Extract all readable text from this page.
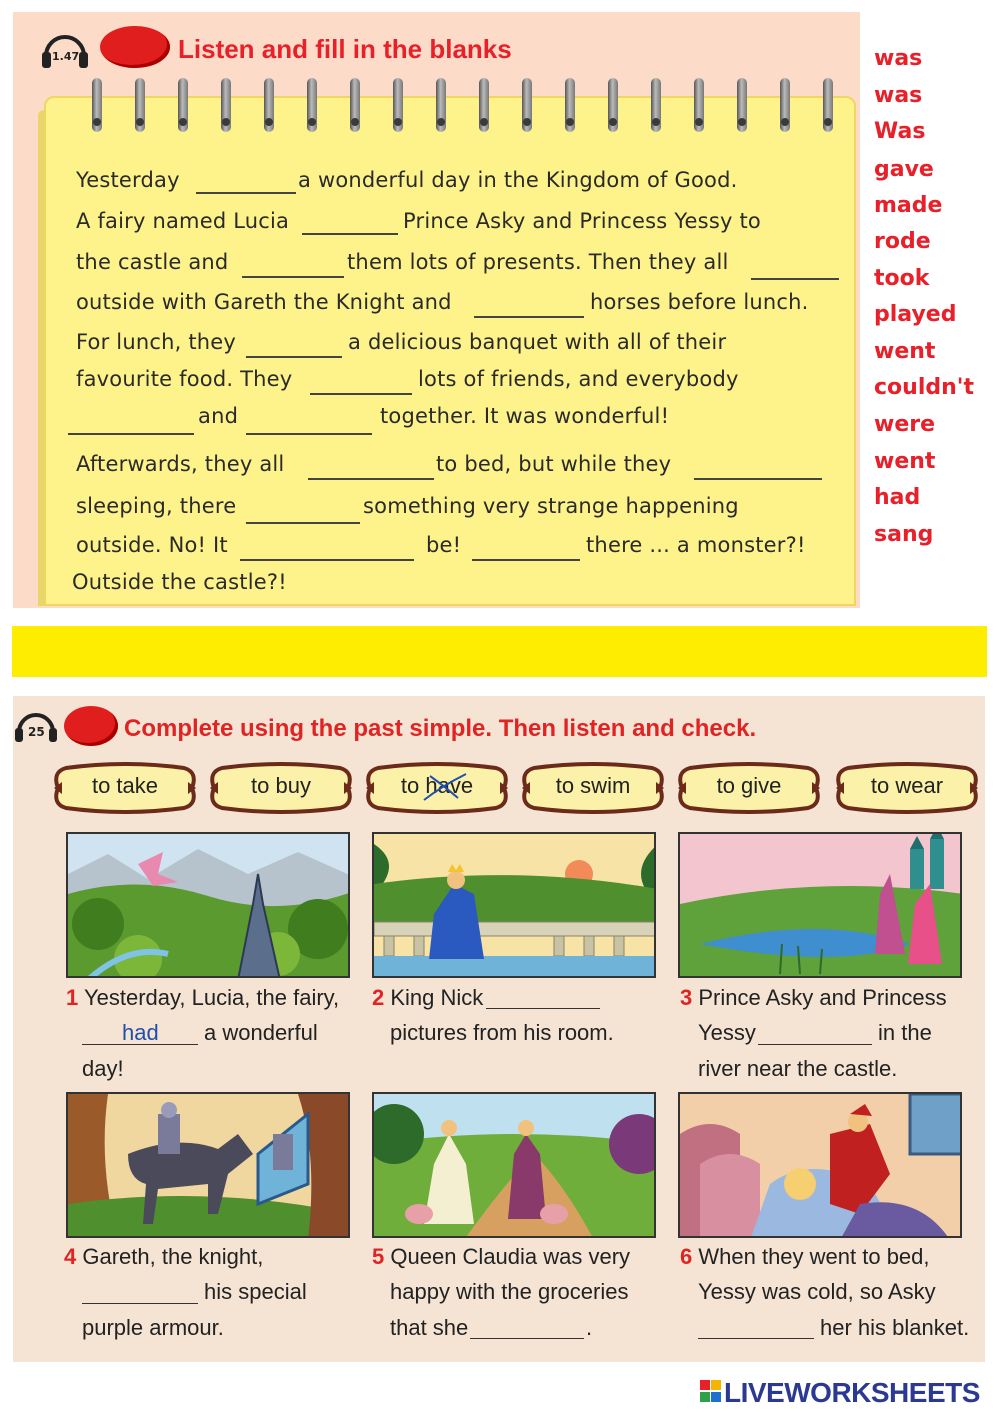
1.47	Listen and fill in the blanks
Yesterday	a wonderful day in the Kingdom of Good.
A fairy named Lucia	Prince Asky and Princess Yessy to
the castle and	them lots of presents. Then they all
outside with Gareth the Knight and	horses before lunch.
For lunch, they	a delicious banquet with all of their
favourite food. They	lots of friends, and everybody
and	together. It was wonderful!
Afterwards, they all	to bed, but while they
sleeping, there	something very strange happening
outside. No! It	be!	there ... a monster?!
Outside the castle?!
was
was
Was
gave
made
rode
took
played
went
couldn't
were
went
had
sang
25	Complete using the past simple. Then listen and check.
to take	to buy	to have	to swim	to give	to wear
1 Yesterday, Lucia, the fairy,
had a wonderful
day!
2 King Nick
pictures from his room.
3 Prince Asky and Princess
Yessy	in the
river near the castle.
4 Gareth, the knight,
his special
purple armour.
5 Queen Claudia was very
happy with the groceries
that she	.
6 When they went to bed,
Yessy was cold, so Asky
her his blanket.
LIVEWORKSHEETS
